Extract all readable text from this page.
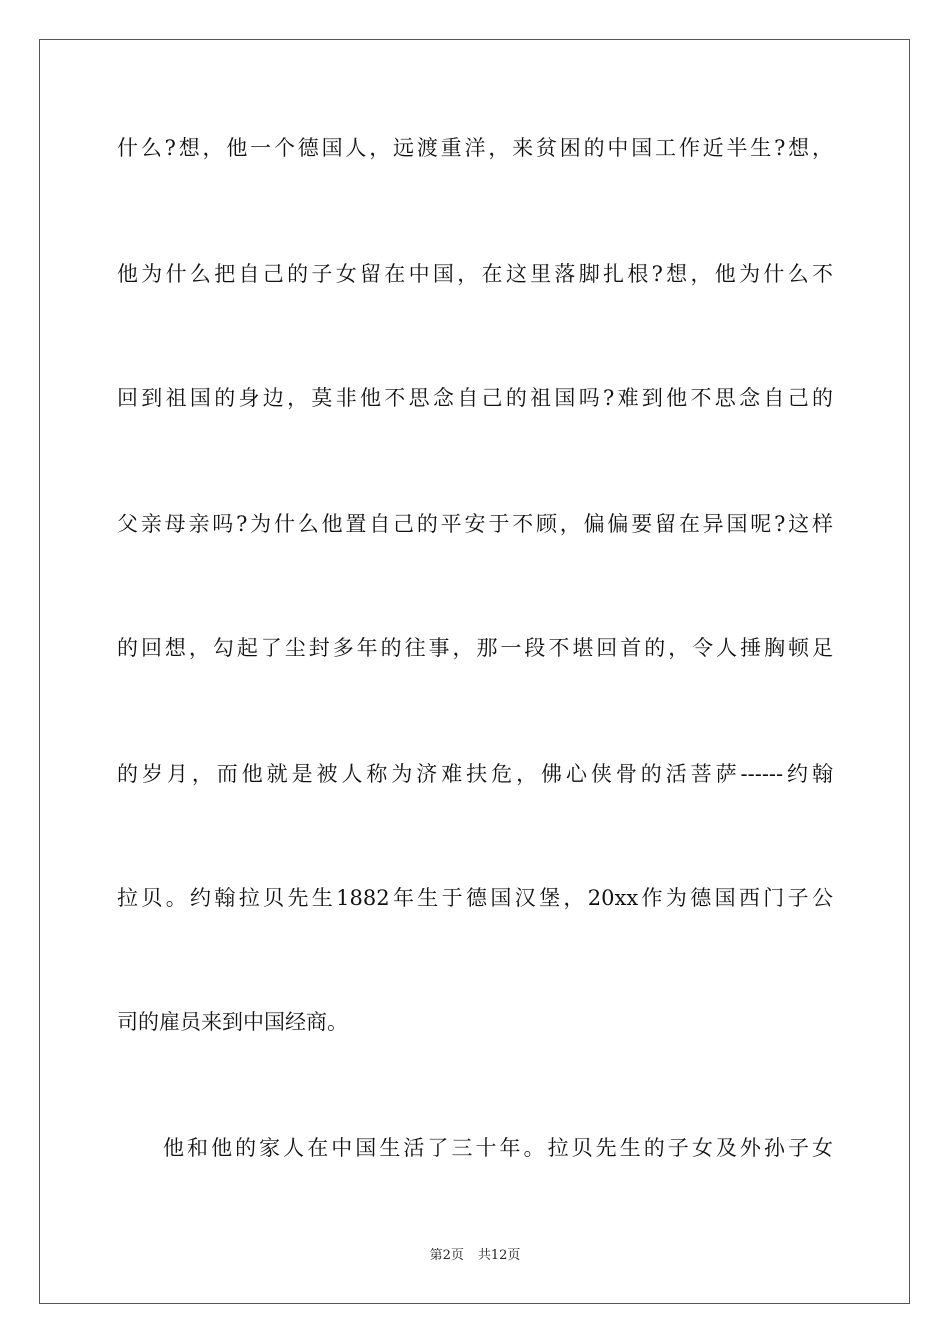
什么?想，他一个德国人，远渡重洋，来贫困的中国工作近半生?想，

他为什么把自己的子女留在中国，在这里落脚扎根?想，他为什么不

回到祖国的身边，莫非他不思念自己的祖国吗?难到他不思念自己的

父亲母亲吗?为什么他置自己的平安于不顾，偏偏要留在异国呢?这样

的回想，勾起了尘封多年的往事，那一段不堪回首的，令人捶胸顿足

的岁月，而他就是被人称为济难扶危，佛心侠骨的活菩萨------约翰

拉贝。约翰拉贝先生1882年生于德国汉堡，20xx作为德国西门子公

司的雇员来到中国经商。

他和他的家人在中国生活了三十年。拉贝先生的子女及外孙子女

第2页 共12页
